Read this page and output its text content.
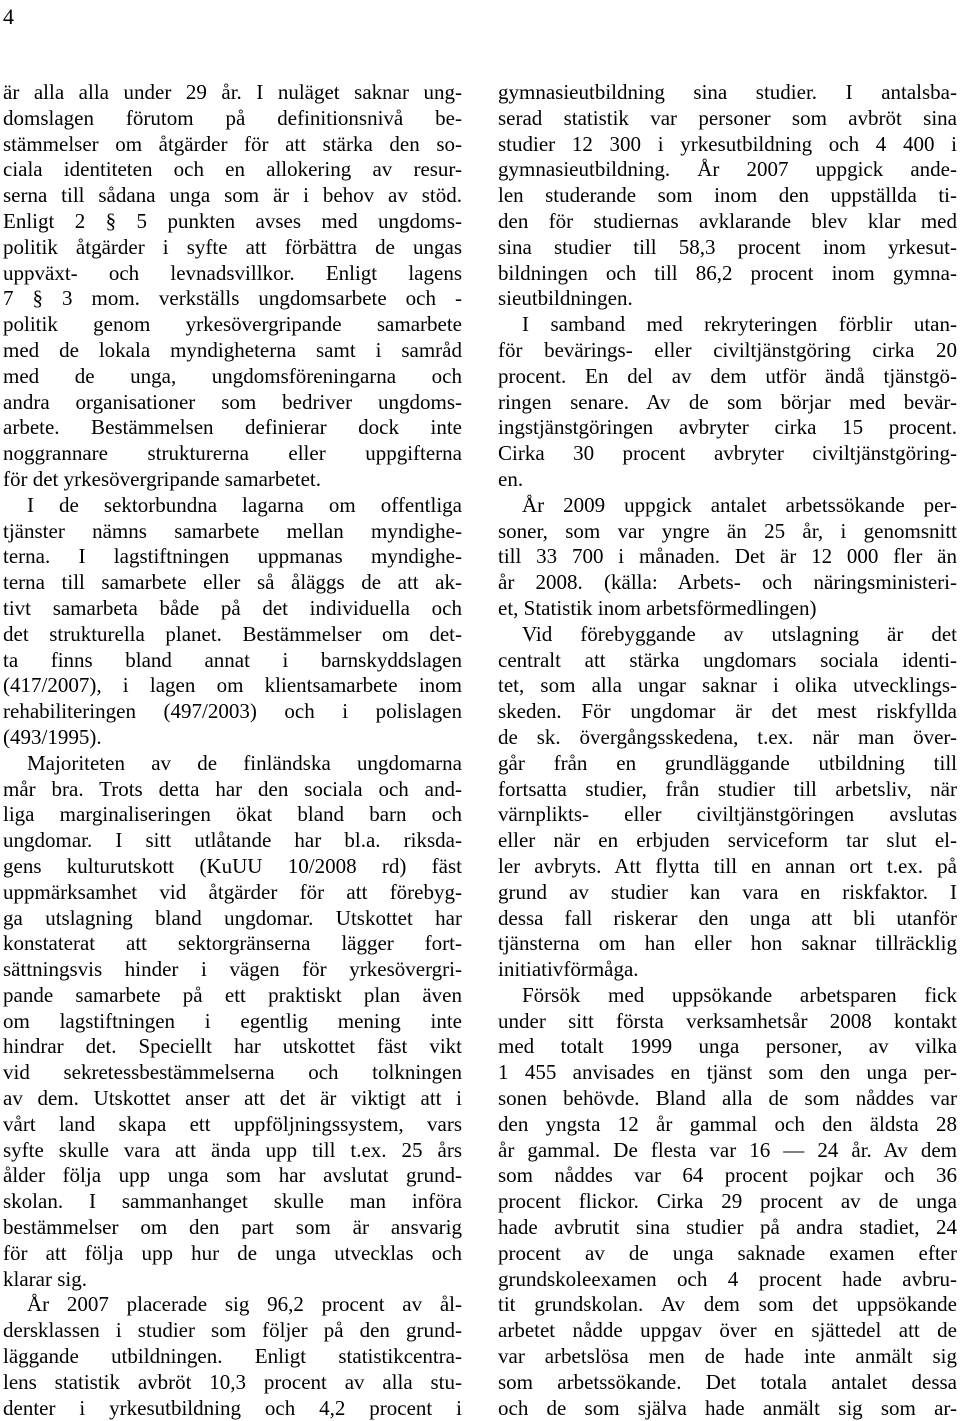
4
är alla alla under 29 år. I nuläget saknar ung-
domslagen förutom på definitionsnivå be-
stämmelser om åtgärder för att stärka den so-
ciala identiteten och en allokering av resur-
serna till sådana unga som är i behov av stöd.
Enligt 2 § 5 punkten avses med ungdoms-
politik åtgärder i syfte att förbättra de ungas
uppväxt- och levnadsvillkor. Enligt lagens
7 § 3 mom. verkställs ungdomsarbete och -
politik genom yrkesövergripande samarbete
med de lokala myndigheterna samt i samråd
med de unga, ungdomsföreningarna och
andra organisationer som bedriver ungdoms-
arbete. Bestämmelsen definierar dock inte
noggrannare strukturerna eller uppgifterna
för det yrkesövergripande samarbetet.
I de sektorbundna lagarna om offentliga
tjänster nämns samarbete mellan myndighe-
terna. I lagstiftningen uppmanas myndighe-
terna till samarbete eller så åläggs de att ak-
tivt samarbeta både på det individuella och
det strukturella planet. Bestämmelser om det-
ta finns bland annat i barnskyddslagen
(417/2007), i lagen om klientsamarbete inom
rehabiliteringen (497/2003) och i polislagen
(493/1995).
Majoriteten av de finländska ungdomarna
mår bra. Trots detta har den sociala och and-
liga marginaliseringen ökat bland barn och
ungdomar. I sitt utlåtande har bl.a. riksda-
gens kulturutskott (KuUU 10/2008 rd) fäst
uppmärksamhet vid åtgärder för att förebyg-
ga utslagning bland ungdomar. Utskottet har
konstaterat att sektorgränserna lägger fort-
sättningsvis hinder i vägen för yrkesövergri-
pande samarbete på ett praktiskt plan även
om lagstiftningen i egentlig mening inte
hindrar det. Speciellt har utskottet fäst vikt
vid sekretessbestämmelserna och tolkningen
av dem. Utskottet anser att det är viktigt att i
vårt land skapa ett uppföljningssystem, vars
syfte skulle vara att ända upp till t.ex. 25 års
ålder följa upp unga som har avslutat grund-
skolan. I sammanhanget skulle man införa
bestämmelser om den part som är ansvarig
för att följa upp hur de unga utvecklas och
klarar sig.
År 2007 placerade sig 96,2 procent av ål-
dersklassen i studier som följer på den grund-
läggande utbildningen. Enligt statistikcentra-
lens statistik avbröt 10,3 procent av alla stu-
denter i yrkesutbildning och 4,2 procent i
gymnasieutbildning sina studier. I antalsba-
serad statistik var personer som avbröt sina
studier 12 300 i yrkesutbildning och 4 400 i
gymnasieutbildning. År 2007 uppgick ande-
len studerande som inom den uppställda ti-
den för studiernas avklarande blev klar med
sina studier till 58,3 procent inom yrkesut-
bildningen och till 86,2 procent inom gymna-
sieutbildningen.
I samband med rekryteringen förblir utan-
för bevärings- eller civiltjänstgöring cirka 20
procent. En del av dem utför ändå tjänstgö-
ringen senare. Av de som börjar med bevär-
ingstjänstgöringen avbryter cirka 15 procent.
Cirka 30 procent avbryter civiltjänstgöring-
en.
År 2009 uppgick antalet arbetssökande per-
soner, som var yngre än 25 år, i genomsnitt
till 33 700 i månaden. Det är 12 000 fler än
år 2008. (källa: Arbets- och näringsministeri-
et, Statistik inom arbetsförmedlingen)
Vid förebyggande av utslagning är det
centralt att stärka ungdomars sociala identi-
tet, som alla ungar saknar i olika utvecklings-
skeden. För ungdomar är det mest riskfyllda
de sk. övergångsskedena, t.ex. när man över-
går från en grundläggande utbildning till
fortsatta studier, från studier till arbetsliv, när
värnplikts- eller civiltjänstgöringen avslutas
eller när en erbjuden serviceform tar slut el-
ler avbryts. Att flytta till en annan ort t.ex. på
grund av studier kan vara en riskfaktor. I
dessa fall riskerar den unga att bli utanför
tjänsterna om han eller hon saknar tillräcklig
initiativförmåga.
Försök med uppsökande arbetsparen fick
under sitt första verksamhetsår 2008 kontakt
med totalt 1999 unga personer, av vilka
1 455 anvisades en tjänst som den unga per-
sonen behövde. Bland alla de som nåddes var
den yngsta 12 år gammal och den äldsta 28
år gammal. De flesta var 16 — 24 år. Av dem
som nåddes var 64 procent pojkar och 36
procent flickor. Cirka 29 procent av de unga
hade avbrutit sina studier på andra stadiet, 24
procent av de unga saknade examen efter
grundskoleexamen och 4 procent hade avbru-
tit grundskolan. Av dem som det uppsökande
arbetet nådde uppgav över en sjättedel att de
var arbetslösa men de hade inte anmält sig
som arbetssökande. Det totala antalet dessa
och de som själva hade anmält sig som ar-
